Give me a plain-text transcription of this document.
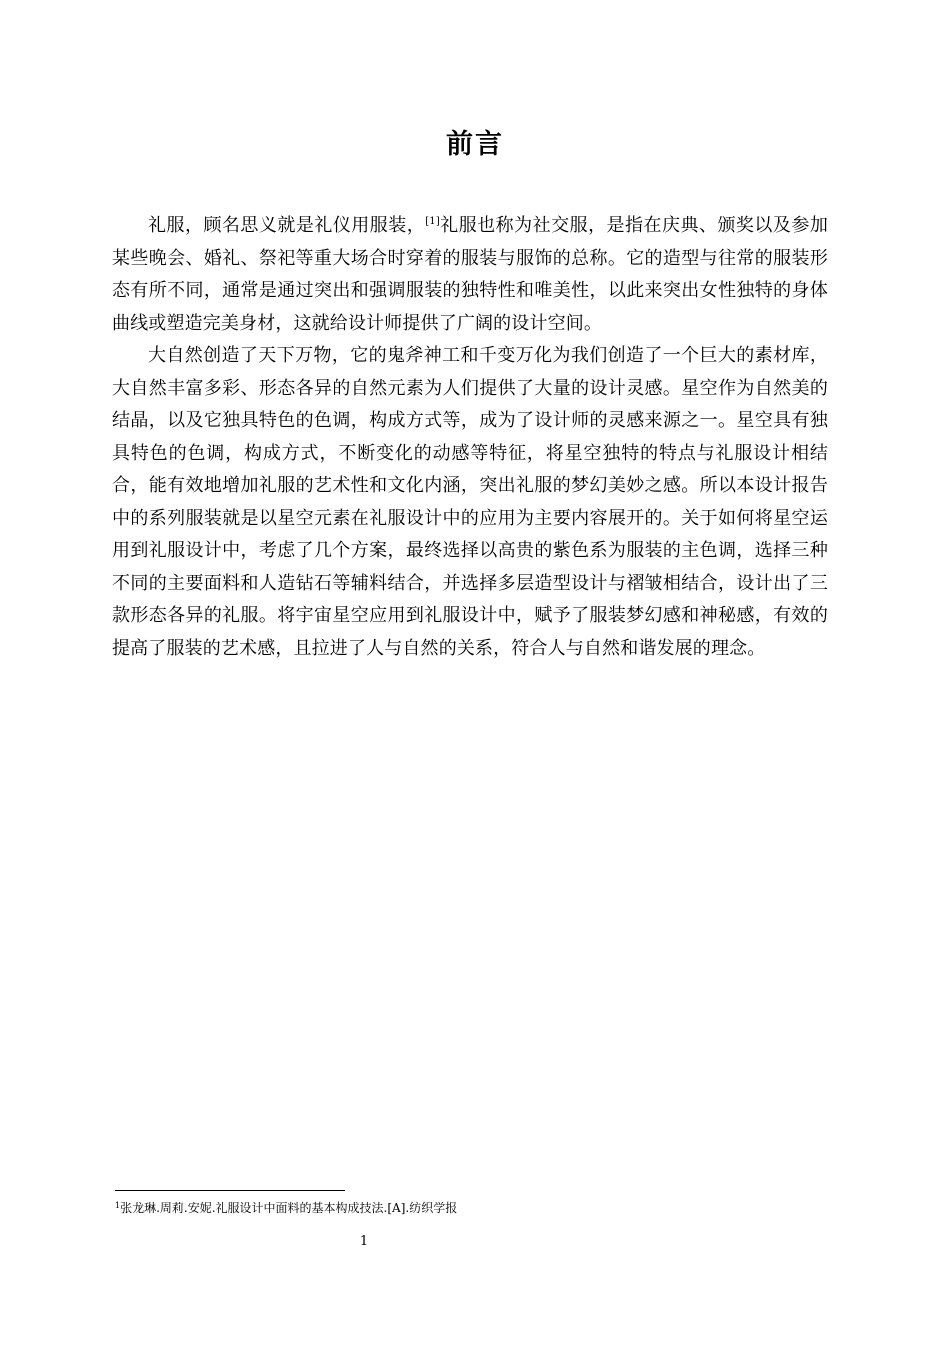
前言

礼服，顾名思义就是礼仪用服装，[1]礼服也称为社交服，是指在庆典、颁奖以及参加某些晚会、婚礼、祭祀等重大场合时穿着的服装与服饰的总称。它的造型与往常的服装形态有所不同，通常是通过突出和强调服装的独特性和唯美性，以此来突出女性独特的身体曲线或塑造完美身材，这就给设计师提供了广阔的设计空间。

大自然创造了天下万物，它的鬼斧神工和千变万化为我们创造了一个巨大的素材库，大自然丰富多彩、形态各异的自然元素为人们提供了大量的设计灵感。星空作为自然美的结晶，以及它独具特色的色调，构成方式等，成为了设计师的灵感来源之一。星空具有独具特色的色调，构成方式，不断变化的动感等特征，将星空独特的特点与礼服设计相结合，能有效地增加礼服的艺术性和文化内涵，突出礼服的梦幻美妙之感。所以本设计报告中的系列服装就是以星空元素在礼服设计中的应用为主要内容展开的。关于如何将星空运用到礼服设计中，考虑了几个方案，最终选择以高贵的紫色系为服装的主色调，选择三种不同的主要面料和人造钻石等辅料结合，并选择多层造型设计与褶皱相结合，设计出了三款形态各异的礼服。将宇宙星空应用到礼服设计中，赋予了服装梦幻感和神秘感，有效的提高了服装的艺术感，且拉进了人与自然的关系，符合人与自然和谐发展的理念。

$^1$张龙琳.周莉.安妮.礼服设计中面料的基本构成技法.[A].纺织学报
1
